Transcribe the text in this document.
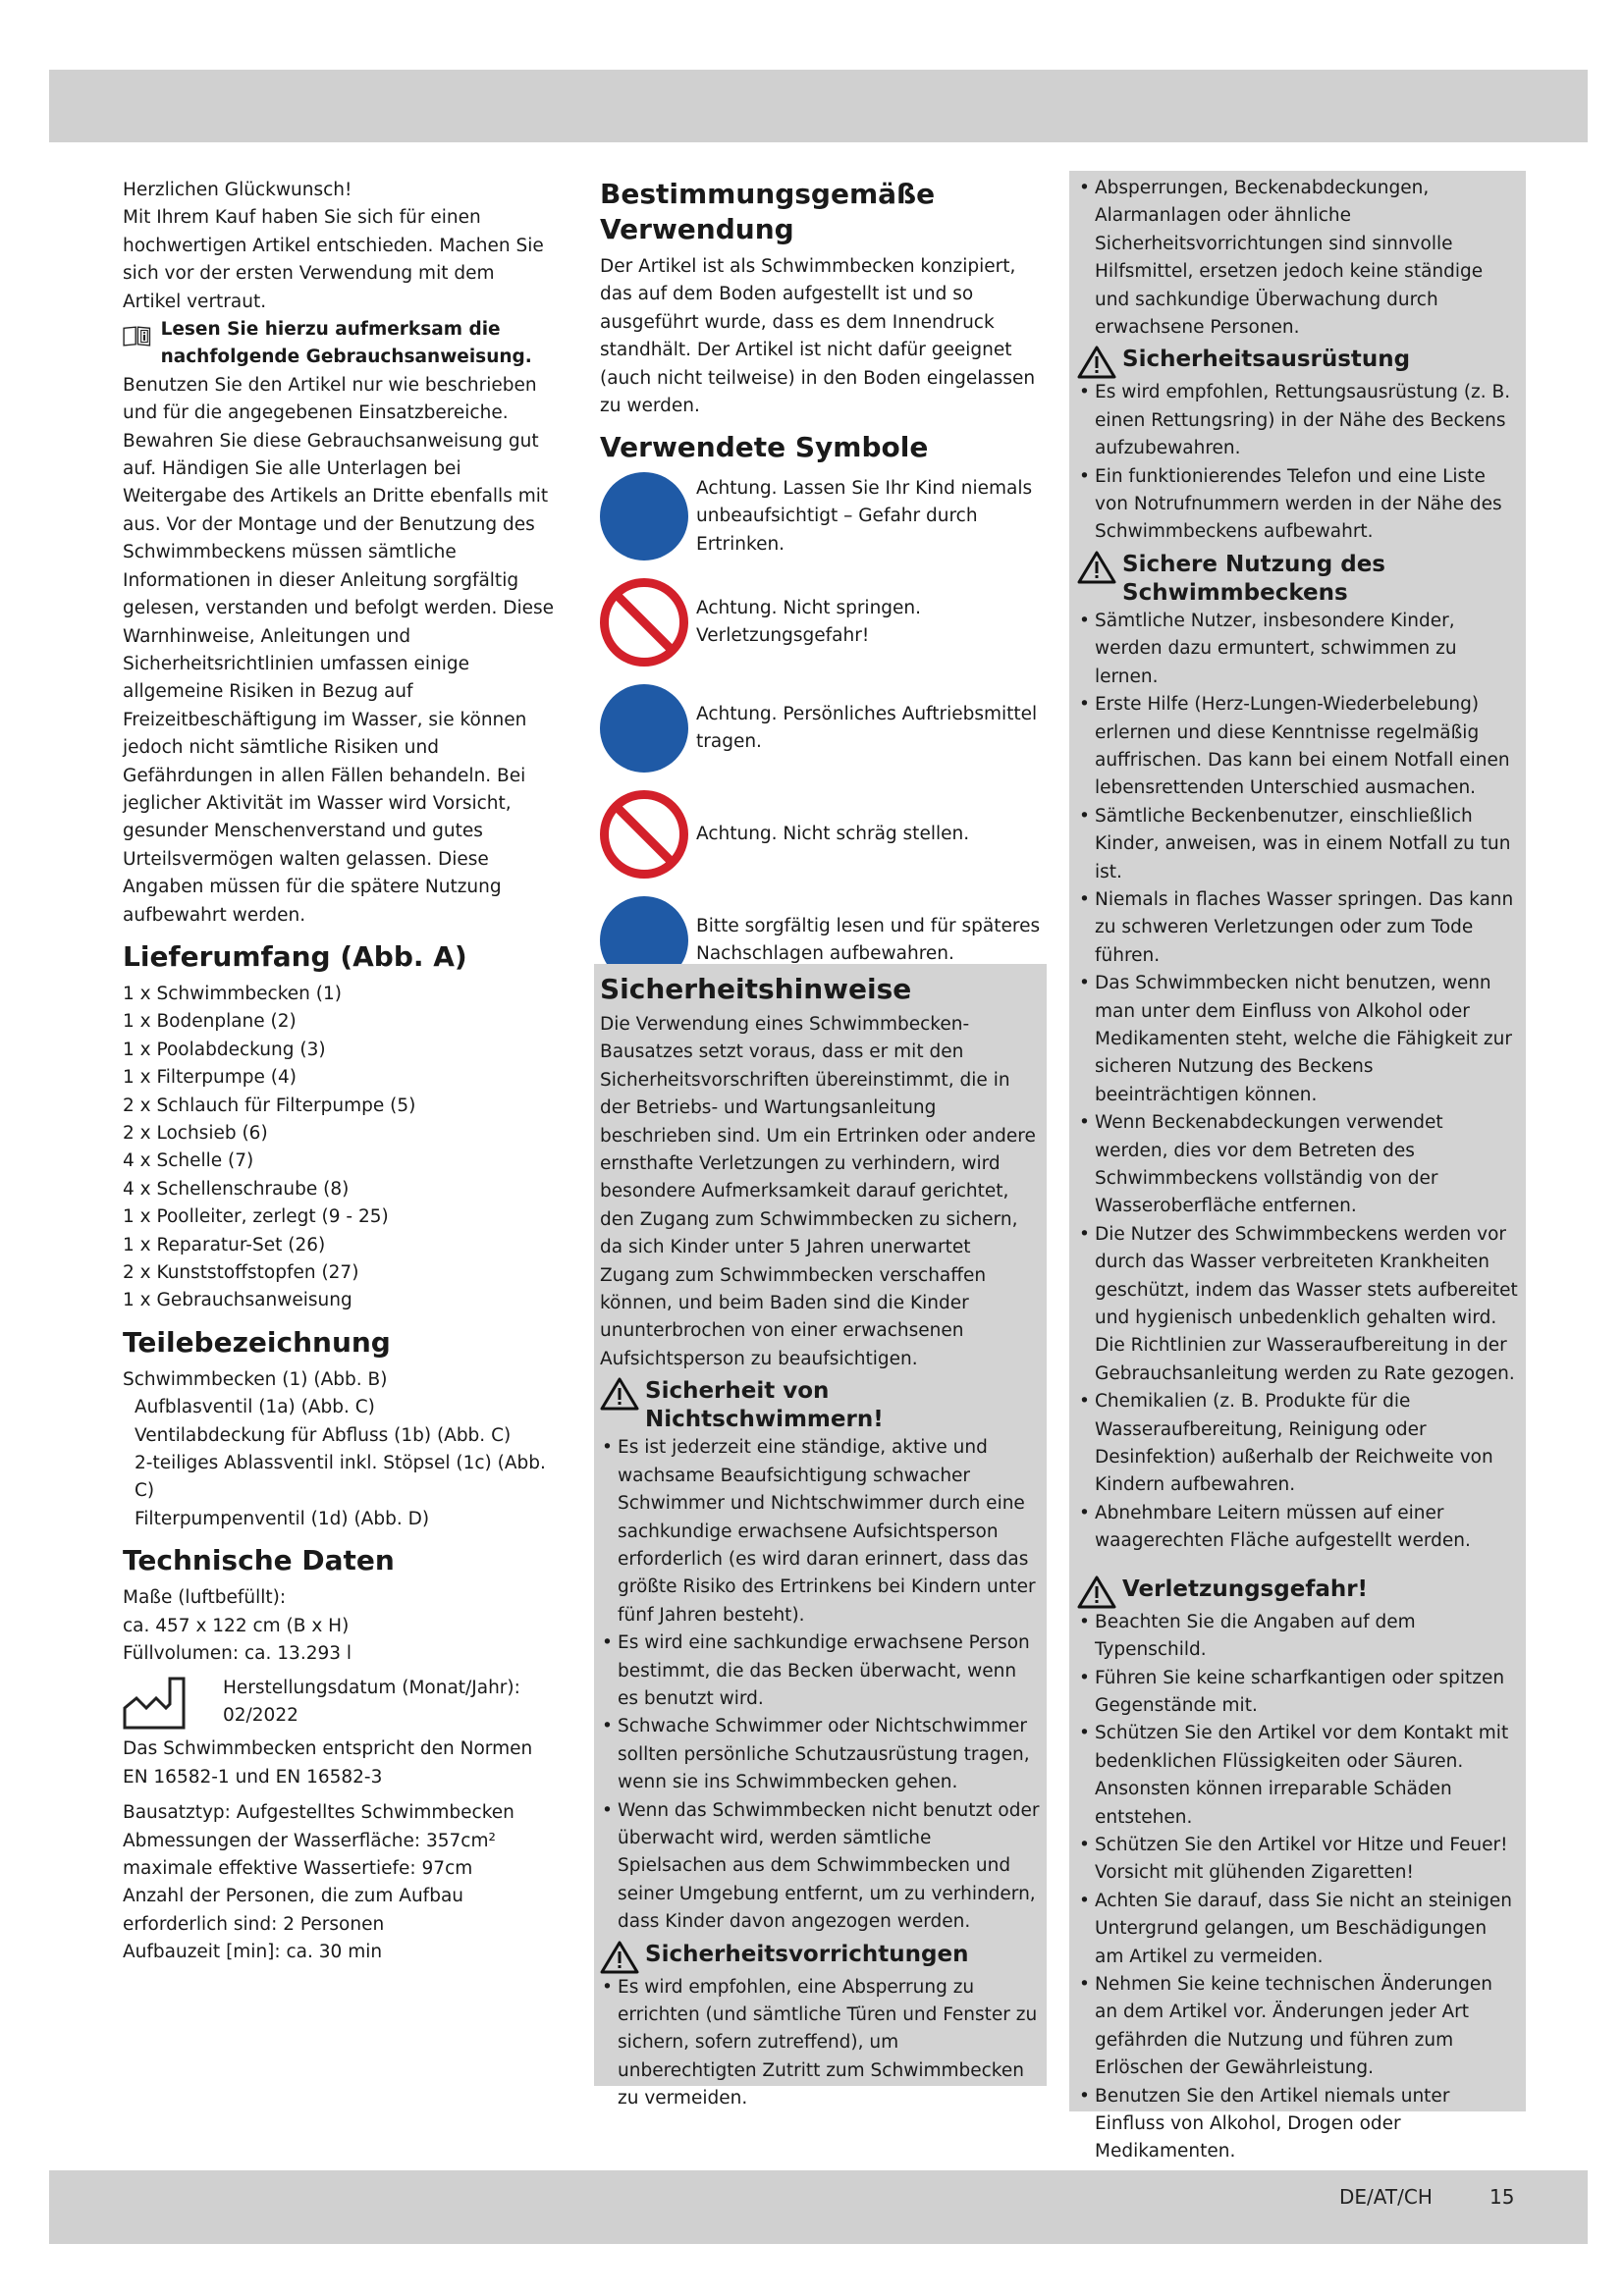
Herzlichen Glückwunsch!

Mit Ihrem Kauf haben Sie sich für einen hochwertigen Artikel entschieden. Machen Sie sich vor der ersten Verwendung mit dem Artikel vertraut.

Lesen Sie hierzu aufmerksam die nachfolgende Gebrauchsanweisung.

Benutzen Sie den Artikel nur wie beschrieben und für die angegebenen Einsatzbereiche. Bewahren Sie diese Gebrauchsanweisung gut auf. Händigen Sie alle Unterlagen bei Weitergabe des Artikels an Dritte ebenfalls mit aus. Vor der Montage und der Benutzung des Schwimmbeckens müssen sämtliche Informationen in dieser Anleitung sorgfältig gelesen, verstanden und befolgt werden. Diese Warnhinweise, Anleitungen und Sicherheitsrichtlinien umfassen einige allgemeine Risiken in Bezug auf Freizeitbeschäftigung im Wasser, sie können jedoch nicht sämtliche Risiken und Gefährdungen in allen Fällen behandeln. Bei jeglicher Aktivität im Wasser wird Vorsicht, gesunder Menschenverstand und gutes Urteilsvermögen walten gelassen. Diese Angaben müssen für die spätere Nutzung aufbewahrt werden.

Lieferumfang (Abb. A)
1 x Schwimmbecken (1)
1 x Bodenplane (2)
1 x Poolabdeckung (3)
1 x Filterpumpe (4)
2 x Schlauch für Filterpumpe (5)
2 x Lochsieb (6)
4 x Schelle (7)
4 x Schellenschraube (8)
1 x Poolleiter, zerlegt (9 - 25)
1 x Reparatur-Set (26)
2 x Kunststoffstopfen (27)
1 x Gebrauchsanweisung
Teilebezeichnung
Schwimmbecken (1) (Abb. B)
Aufblasventil (1a) (Abb. C)
Ventilabdeckung für Abfluss (1b) (Abb. C)
2-teiliges Ablassventil inkl. Stöpsel (1c) (Abb. C)
Filterpumpenventil (1d) (Abb. D)
Technische Daten
Maße (luftbefüllt):
ca. 457 x 122 cm (B x H)
Füllvolumen: ca. 13.293 l
Herstellungsdatum (Monat/Jahr):
02/2022
Das Schwimmbecken entspricht den Normen
EN 16582-1 und EN 16582-3
Bausatztyp: Aufgestelltes Schwimmbecken
Abmessungen der Wasserfläche: 357cm²
maximale effektive Wassertiefe: 97cm
Anzahl der Personen, die zum Aufbau erforderlich sind: 2 Personen
Aufbauzeit [min]: ca. 30 min
Bestimmungsgemäße Verwendung

Der Artikel ist als Schwimmbecken konzipiert, das auf dem Boden aufgestellt ist und so ausgeführt wurde, dass es dem Innendruck standhält. Der Artikel ist nicht dafür geeignet (auch nicht teilweise) in den Boden eingelassen zu werden.

Verwendete Symbole
Achtung. Lassen Sie Ihr Kind niemals unbeaufsichtigt – Gefahr durch Ertrinken.
Achtung. Nicht springen. Verletzungsgefahr!
Achtung. Persönliches Auftriebsmittel tragen.
Achtung. Nicht schräg stellen.
Bitte sorgfältig lesen und für späteres Nachschlagen aufbewahren.
Sicherheitshinweise

Die Verwendung eines Schwimmbecken-Bausatzes setzt voraus, dass er mit den Sicherheitsvorschriften übereinstimmt, die in der Betriebs- und Wartungsanleitung beschrieben sind. Um ein Ertrinken oder andere ernsthafte Verletzungen zu verhindern, wird besondere Aufmerksamkeit darauf gerichtet, den Zugang zum Schwimmbecken zu sichern, da sich Kinder unter 5 Jahren unerwartet Zugang zum Schwimmbecken verschaffen können, und beim Baden sind die Kinder ununterbrochen von einer erwachsenen Aufsichtsperson zu beaufsichtigen.

Sicherheit von Nichtschwimmern!
• Es ist jederzeit eine ständige, aktive und wachsame Beaufsichtigung schwacher Schwimmer und Nichtschwimmer durch eine sachkundige erwachsene Aufsichtsperson erforderlich (es wird daran erinnert, dass das größte Risiko des Ertrinkens bei Kindern unter fünf Jahren besteht).
• Es wird eine sachkundige erwachsene Person bestimmt, die das Becken überwacht, wenn es benutzt wird.
• Schwache Schwimmer oder Nichtschwimmer sollten persönliche Schutzausrüstung tragen, wenn sie ins Schwimmbecken gehen.
• Wenn das Schwimmbecken nicht benutzt oder überwacht wird, werden sämtliche Spielsachen aus dem Schwimmbecken und seiner Umgebung entfernt, um zu verhindern, dass Kinder davon angezogen werden.
Sicherheitsvorrichtungen
• Es wird empfohlen, eine Absperrung zu errichten (und sämtliche Türen und Fenster zu sichern, sofern zutreffend), um unberechtigten Zutritt zum Schwimmbecken zu vermeiden.
• Absperrungen, Beckenabdeckungen, Alarmanlagen oder ähnliche Sicherheitsvorrichtungen sind sinnvolle Hilfsmittel, ersetzen jedoch keine ständige und sachkundige Überwachung durch erwachsene Personen.
Sicherheitsausrüstung
• Es wird empfohlen, Rettungsausrüstung (z. B. einen Rettungsring) in der Nähe des Beckens aufzubewahren.
• Ein funktionierendes Telefon und eine Liste von Notrufnummern werden in der Nähe des Schwimmbeckens aufbewahrt.
Sichere Nutzung des Schwimmbeckens
• Sämtliche Nutzer, insbesondere Kinder, werden dazu ermuntert, schwimmen zu lernen.
• Erste Hilfe (Herz-Lungen-Wiederbelebung) erlernen und diese Kenntnisse regelmäßig auffrischen. Das kann bei einem Notfall einen lebensrettenden Unterschied ausmachen.
• Sämtliche Beckenbenutzer, einschließlich Kinder, anweisen, was in einem Notfall zu tun ist.
• Niemals in flaches Wasser springen. Das kann zu schweren Verletzungen oder zum Tode führen.
• Das Schwimmbecken nicht benutzen, wenn man unter dem Einfluss von Alkohol oder Medikamenten steht, welche die Fähigkeit zur sicheren Nutzung des Beckens beeinträchtigen können.
• Wenn Beckenabdeckungen verwendet werden, dies vor dem Betreten des Schwimmbeckens vollständig von der Wasseroberfläche entfernen.
• Die Nutzer des Schwimmbeckens werden vor durch das Wasser verbreiteten Krankheiten geschützt, indem das Wasser stets aufbereitet und hygienisch unbedenklich gehalten wird. Die Richtlinien zur Wasseraufbereitung in der Gebrauchsanleitung werden zu Rate gezogen.
• Chemikalien (z. B. Produkte für die Wasseraufbereitung, Reinigung oder Desinfektion) außerhalb der Reichweite von Kindern aufbewahren.
• Abnehmbare Leitern müssen auf einer waagerechten Fläche aufgestellt werden.
Verletzungsgefahr!
• Beachten Sie die Angaben auf dem Typenschild.
• Führen Sie keine scharfkantigen oder spitzen Gegenstände mit.
• Schützen Sie den Artikel vor dem Kontakt mit bedenklichen Flüssigkeiten oder Säuren. Ansonsten können irreparable Schäden entstehen.
• Schützen Sie den Artikel vor Hitze und Feuer! Vorsicht mit glühenden Zigaretten!
• Achten Sie darauf, dass Sie nicht an steinigen Untergrund gelangen, um Beschädigungen am Artikel zu vermeiden.
• Nehmen Sie keine technischen Änderungen an dem Artikel vor. Änderungen jeder Art gefährden die Nutzung und führen zum Erlöschen der Gewährleistung.
• Benutzen Sie den Artikel niemals unter Einfluss von Alkohol, Drogen oder Medikamenten.
DE/AT/CH	15
